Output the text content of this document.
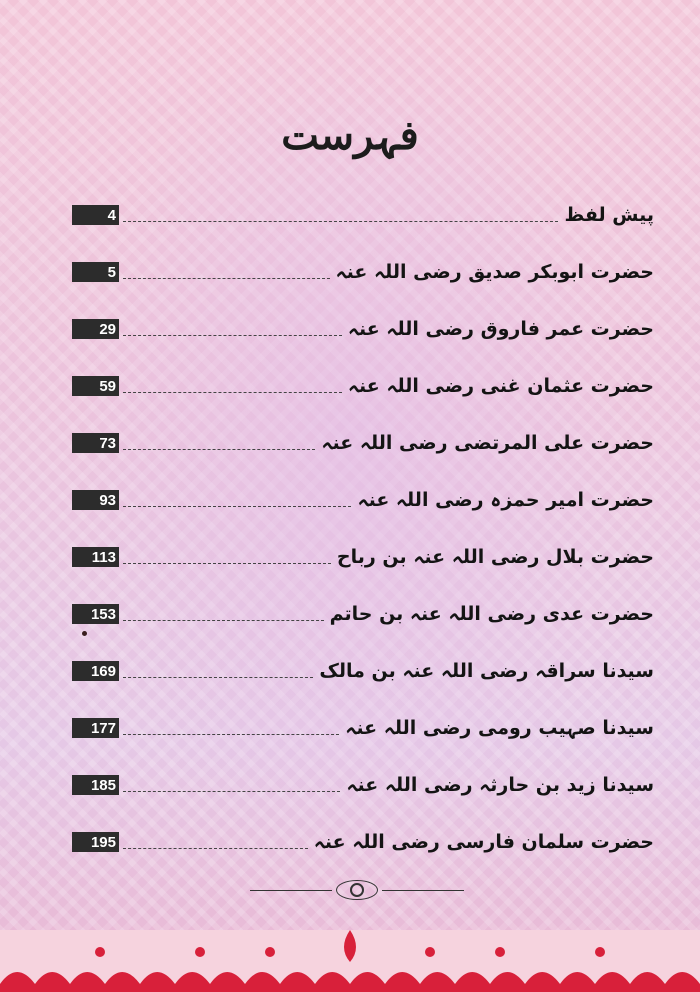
فہرست
پیش لفظ
4
حضرت ابوبکر صدیق رضی اللہ عنہ
5
حضرت عمر فاروق رضی اللہ عنہ
29
حضرت عثمان غنی رضی اللہ عنہ
59
حضرت علی المرتضی رضی اللہ عنہ
73
حضرت امیر حمزہ رضی اللہ عنہ
93
حضرت بلال رضی اللہ عنہ بن رباح
113
حضرت عدی رضی اللہ عنہ بن حاتم
153
سیدنا سراقہ رضی اللہ عنہ بن مالک
169
سیدنا صہیب رومی رضی اللہ عنہ
177
سیدنا زید بن حارثہ رضی اللہ عنہ
185
حضرت سلمان فارسی رضی اللہ عنہ
195
